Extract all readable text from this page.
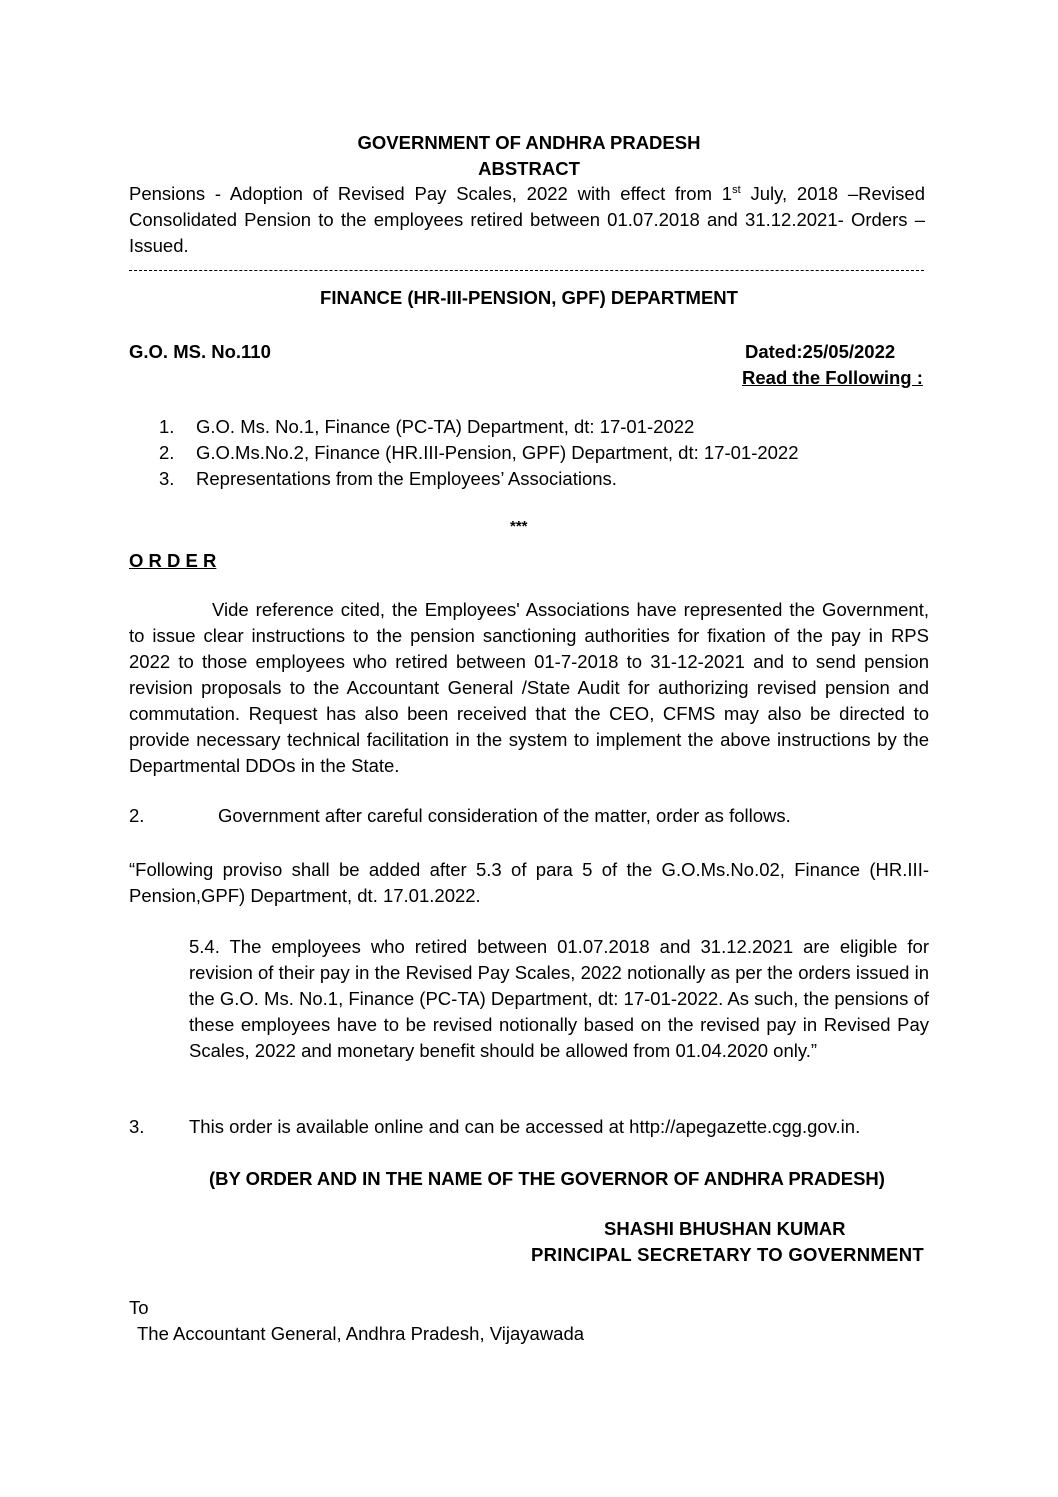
GOVERNMENT OF ANDHRA PRADESH
ABSTRACT
Pensions - Adoption of Revised Pay Scales, 2022 with effect from 1st July, 2018 –Revised Consolidated Pension to the employees retired between 01.07.2018 and 31.12.2021- Orders – Issued.
FINANCE (HR-III-PENSION, GPF) DEPARTMENT
G.O. MS. No.110	Dated:25/05/2022
Read the Following :
1. G.O. Ms. No.1, Finance (PC-TA) Department, dt: 17-01-2022
2. G.O.Ms.No.2, Finance (HR.III-Pension, GPF) Department, dt: 17-01-2022
3. Representations from the Employees’ Associations.
***
O R D E R
Vide reference cited, the Employees' Associations have represented the Government, to issue clear instructions to the pension sanctioning authorities for fixation of the pay in RPS 2022 to those employees who retired between 01-7-2018 to 31-12-2021 and to send pension revision proposals to the Accountant General /State Audit for authorizing revised pension and commutation. Request has also been received that the CEO, CFMS may also be directed to provide necessary technical facilitation in the system to implement the above instructions by the Departmental DDOs in the State.
2.	Government after careful consideration of the matter, order as follows.
“Following proviso shall be added after 5.3 of para 5 of the G.O.Ms.No.02, Finance (HR.III-Pension,GPF) Department, dt. 17.01.2022.
5.4. The employees who retired between 01.07.2018 and 31.12.2021 are eligible for revision of their pay in the Revised Pay Scales, 2022 notionally as per the orders issued in the G.O. Ms. No.1, Finance (PC-TA) Department, dt: 17-01-2022. As such, the pensions of these employees have to be revised notionally based on the revised pay in Revised Pay Scales, 2022 and monetary benefit should be allowed from 01.04.2020 only.”
3. This order is available online and can be accessed at http://apegazette.cgg.gov.in.
(BY ORDER AND IN THE NAME OF THE GOVERNOR OF ANDHRA PRADESH)
SHASHI BHUSHAN KUMAR
PRINCIPAL SECRETARY TO GOVERNMENT
To
The Accountant General, Andhra Pradesh, Vijayawada
